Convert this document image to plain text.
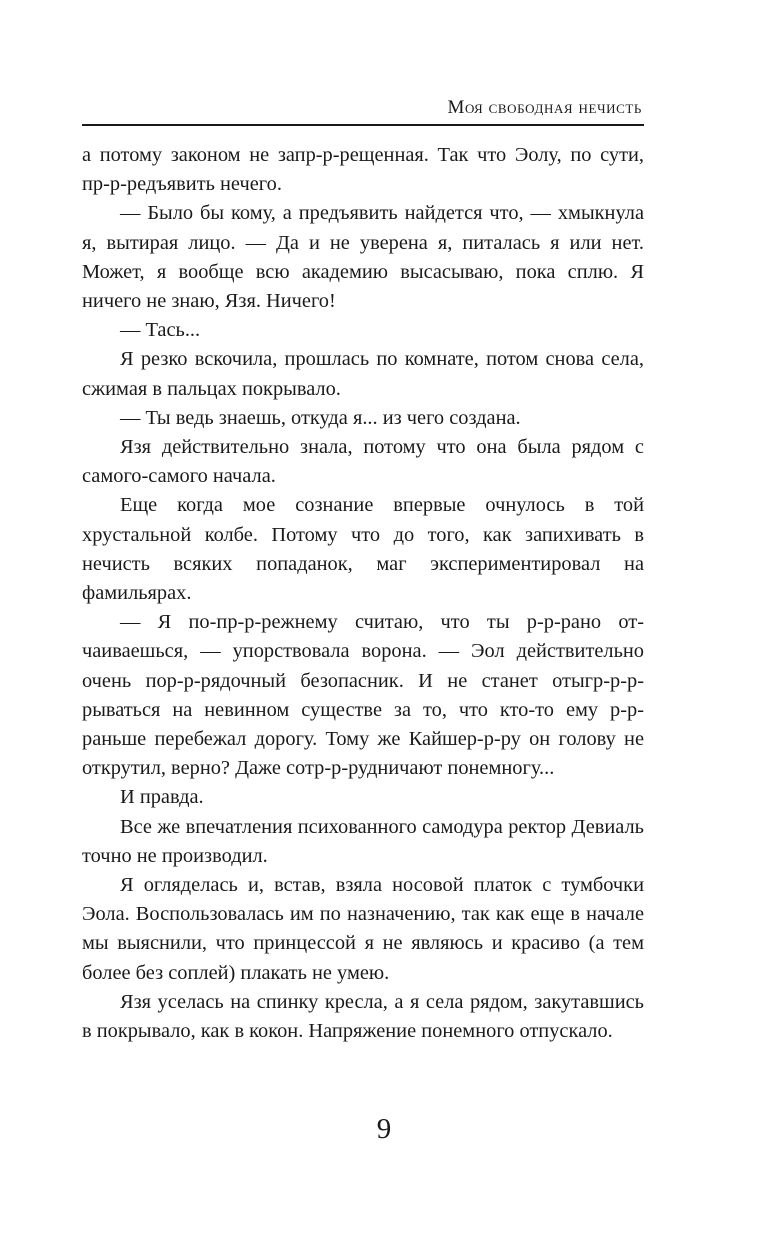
Моя свободная нечисть

а потому законом не запр-р-рещенная. Так что Эолу, по сути, пр-р-редъявить нечего.

— Было бы кому, а предъявить найдется что, — хмыкнула я, вытирая лицо. — Да и не уверена я, питалась я или нет. Может, я вообще всю академию высасываю, пока сплю. Я ничего не знаю, Язя. Ничего!

— Тась...

Я резко вскочила, прошлась по комнате, потом снова села, сжимая в пальцах покрывало.

— Ты ведь знаешь, откуда я... из чего создана.

Язя действительно знала, потому что она была рядом с самого-самого начала.

Еще когда мое сознание впервые очнулось в той хрустальной колбе. Потому что до того, как запихивать в нечисть всяких попаданок, маг экспериментировал на фамильярах.

— Я по-пр-р-режнему считаю, что ты р-р-рано отчаиваешься, — упорствовала ворона. — Эол действительно очень пор-р-рядочный безопасник. И не станет отыгр-р-р-рываться на невинном существе за то, что кто-то ему р-р-раньше перебежал дорогу. Тому же Кайшер-р-ру он голову не открутил, верно? Даже сотр-р-рудничают понемногу...

И правда.

Все же впечатления психованного самодура ректор Девиаль точно не производил.

Я огляделась и, встав, взяла носовой платок с тумбочки Эола. Воспользовалась им по назначению, так как еще в начале мы выяснили, что принцессой я не являюсь и красиво (а тем более без соплей) плакать не умею.

Язя уселась на спинку кресла, а я села рядом, закутавшись в покрывало, как в кокон. Напряжение понемного отпускало.

9
